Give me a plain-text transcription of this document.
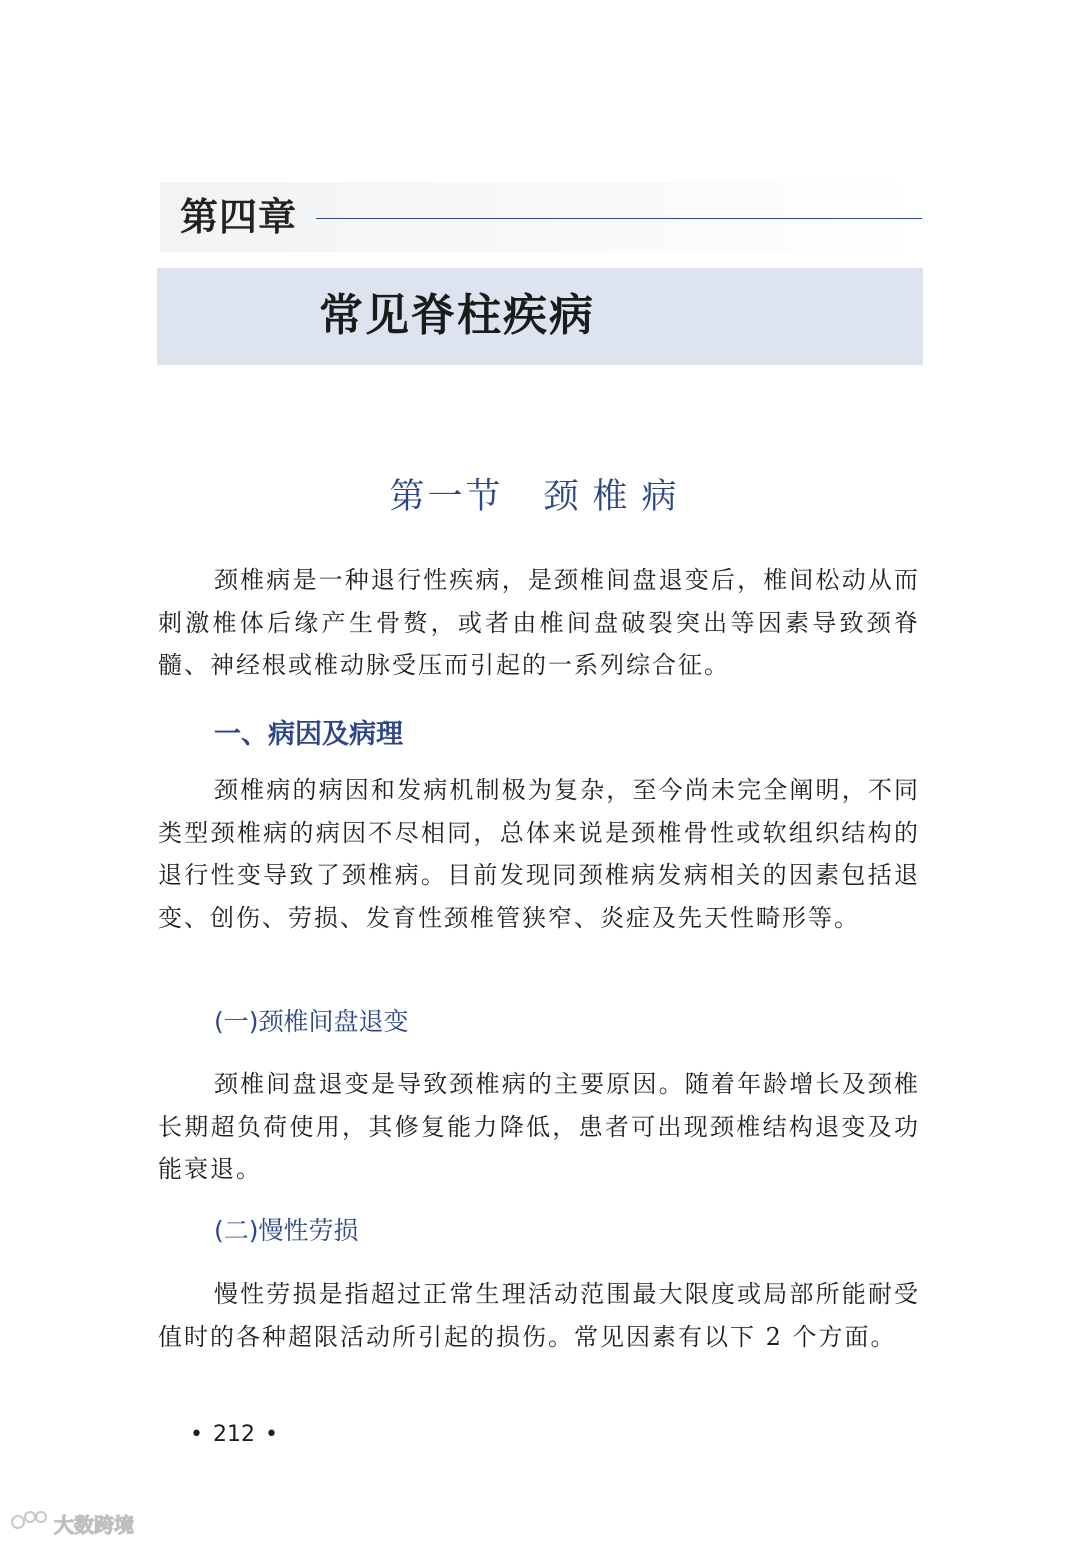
第四章
常见脊柱疾病
第一节 颈椎病

颈椎病是一种退行性疾病，是颈椎间盘退变后，椎间松动从而刺激椎体后缘产生骨赘，或者由椎间盘破裂突出等因素导致颈脊髓、神经根或椎动脉受压而引起的一系列综合征。

一、病因及病理

颈椎病的病因和发病机制极为复杂，至今尚未完全阐明，不同类型颈椎病的病因不尽相同，总体来说是颈椎骨性或软组织结构的退行性变导致了颈椎病。目前发现同颈椎病发病相关的因素包括退变、创伤、劳损、发育性颈椎管狭窄、炎症及先天性畸形等。

(一)颈椎间盘退变

颈椎间盘退变是导致颈椎病的主要原因。随着年龄增长及颈椎长期超负荷使用，其修复能力降低，患者可出现颈椎结构退变及功能衰退。

(二)慢性劳损

慢性劳损是指超过正常生理活动范围最大限度或局部所能耐受值时的各种超限活动所引起的损伤。常见因素有以下 2 个方面。

• 212 •
大数跨境
